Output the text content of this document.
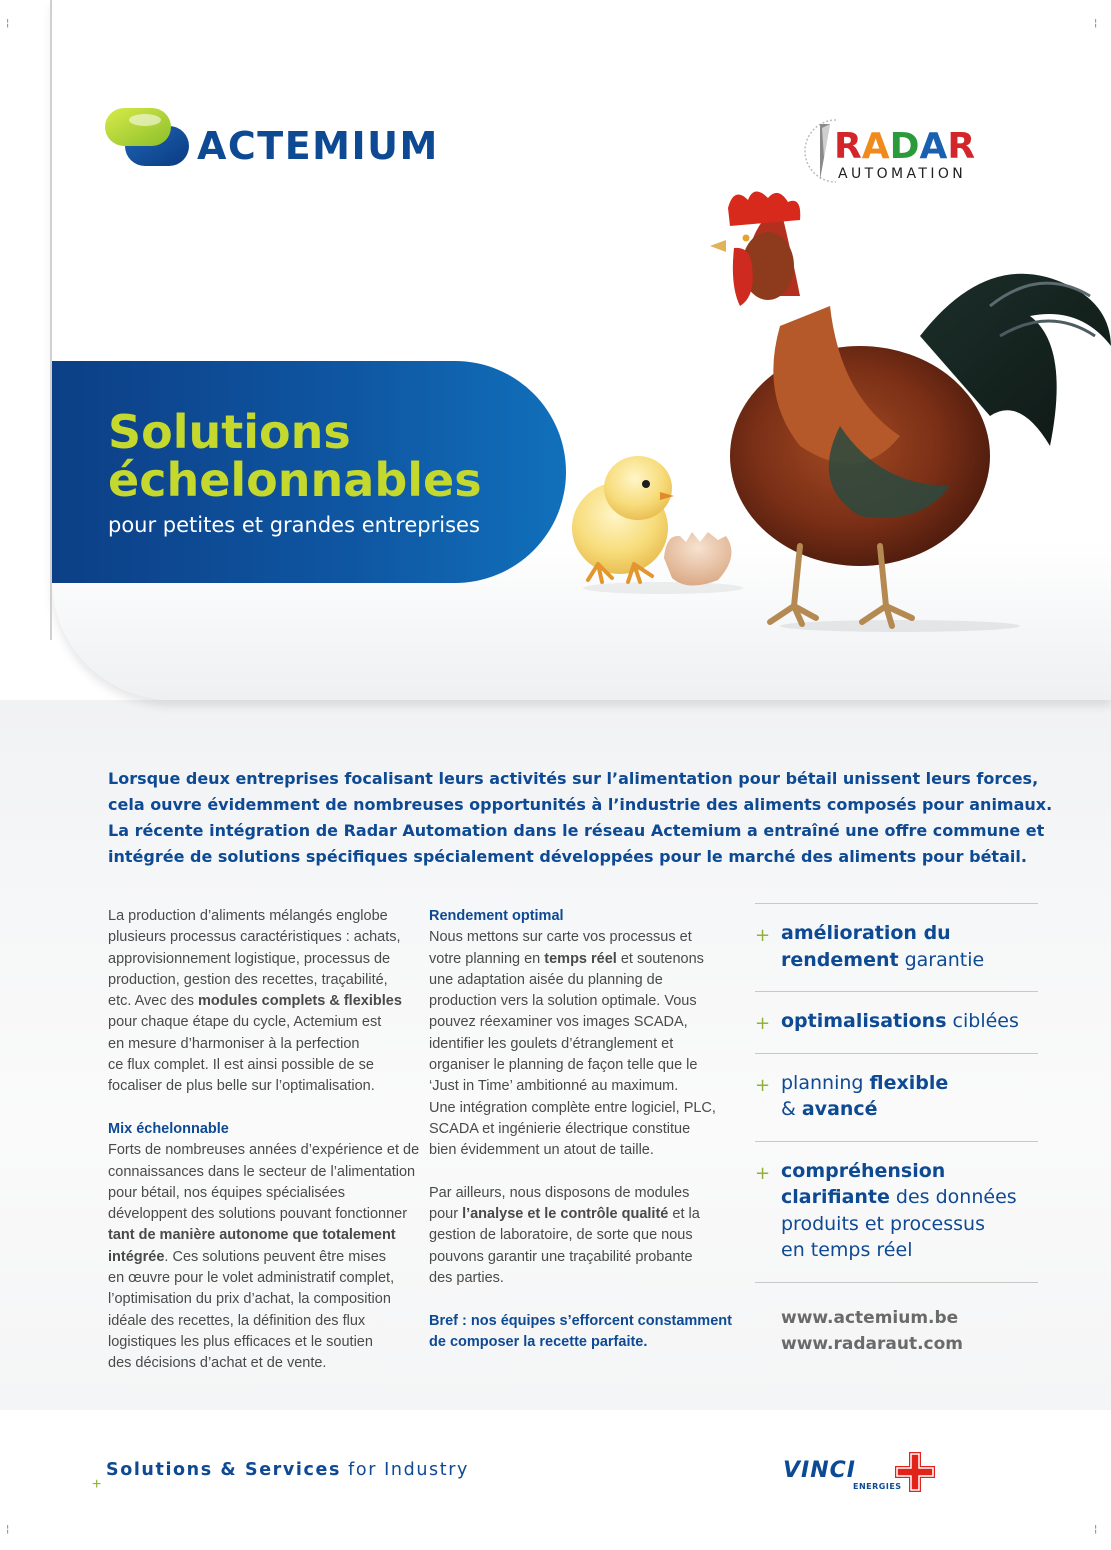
¦	¦
¦	¦
ACTEMIUM	RADAR
AUTOMATION
Solutions
échelonnables
pour petites et grandes entreprises
Lorsque deux entreprises focalisant leurs activités sur l’alimentation pour bétail unissent leurs forces,
cela ouvre évidemment de nombreuses opportunités à l’industrie des aliments composés pour animaux.
La récente intégration de Radar Automation dans le réseau Actemium a entraîné une offre commune et
intégrée de solutions spécifiques spécialement développées pour le marché des aliments pour bétail.
La production d’aliments mélangés englobe
plusieurs processus caractéristiques : achats,
approvisionnement logistique, processus de
production, gestion des recettes, traçabilité,
etc. Avec des modules complets & flexibles
pour chaque étape du cycle, Actemium est
en mesure d’harmoniser à la perfection
ce flux complet. Il est ainsi possible de se
focaliser de plus belle sur l’optimalisation.
Mix échelonnable
Forts de nombreuses années d’expérience et de
connaissances dans le secteur de l’alimentation
pour bétail, nos équipes spécialisées
développent des solutions pouvant fonctionner
tant de manière autonome que totalement
intégrée. Ces solutions peuvent être mises
en œuvre pour le volet administratif complet,
l’optimisation du prix d’achat, la composition
idéale des recettes, la définition des flux
logistiques les plus efficaces et le soutien
des décisions d’achat et de vente.
Rendement optimal
Nous mettons sur carte vos processus et
votre planning en temps réel et soutenons
une adaptation aisée du planning de
production vers la solution optimale. Vous
pouvez réexaminer vos images SCADA,
identifier les goulets d’étranglement et
organiser le planning de façon telle que le
‘Just in Time’ ambitionné au maximum.
Une intégration complète entre logiciel, PLC,
SCADA et ingénierie électrique constitue
bien évidemment un atout de taille.
Par ailleurs, nous disposons de modules
pour l’analyse et le contrôle qualité et la
gestion de laboratoire, de sorte que nous
pouvons garantir une traçabilité probante
des parties.
Bref : nos équipes s’efforcent constamment
de composer la recette parfaite.
+ amélioration du
rendement garantie
+ optimalisations ciblées
+ planning flexible
& avancé
+ compréhension
clarifiante des données
produits et processus
en temps réel
www.actemium.be
www.radaraut.com
+
Solutions & Services for Industry	VINCI
ENERGIES
